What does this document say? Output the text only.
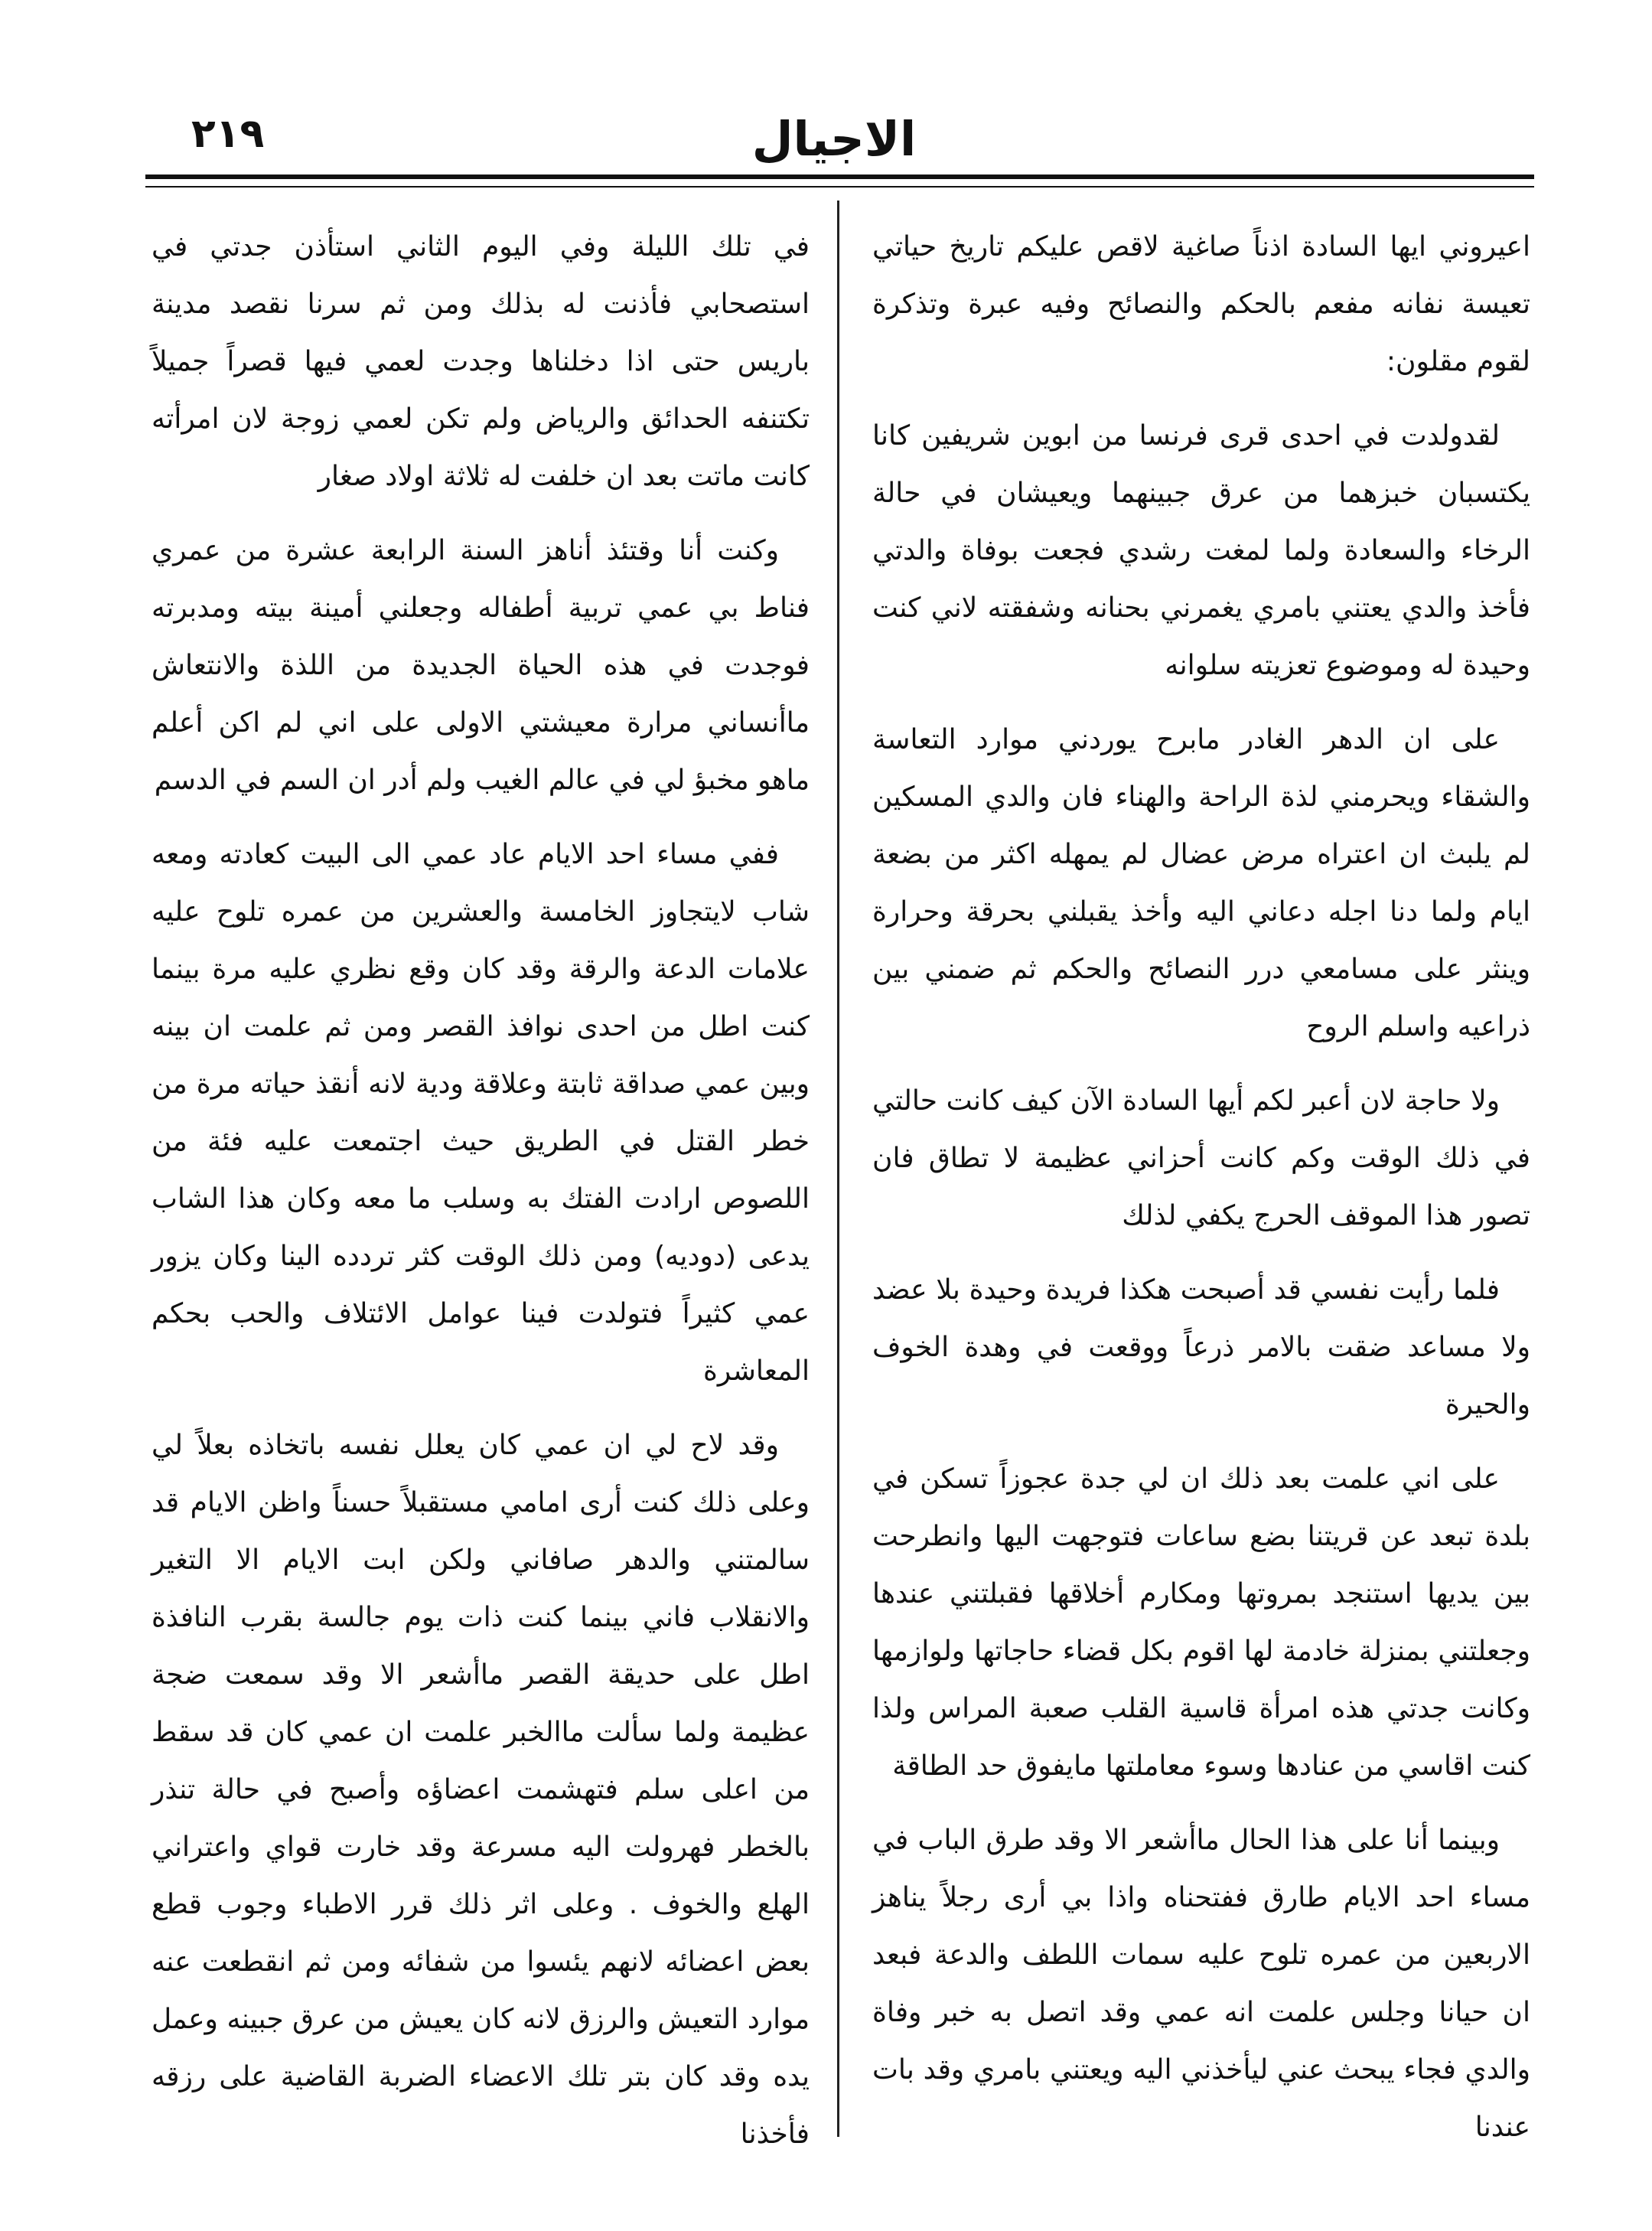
٢١٩	الاجيال

اعيروني ايها السادة اذناً صاغية لاقص عليكم تاريخ حياتي تعيسة نفانه مفعم بالحكم والنصائح وفيه عبرة وتذكرة لقوم مقلون:

لقدولدت في احدى قرى فرنسا من ابوين شريفين كانا يكتسبان خبزهما من عرق جبينهما ويعيشان في حالة الرخاء والسعادة ولما لمغت رشدي فجعت بوفاة والدتي فأخذ والدي يعتني بامري يغمرني بحنانه وشفقته لاني كنت وحيدة له وموضوع تعزيته سلوانه

على ان الدهر الغادر مابرح يوردني موارد التعاسة والشقاء ويحرمني لذة الراحة والهناء فان والدي المسكين لم يلبث ان اعتراه مرض عضال لم يمهله اكثر من بضعة ايام ولما دنا اجله دعاني اليه وأخذ يقبلني بحرقة وحرارة وينثر على مسامعي درر النصائح والحكم ثم ضمني بين ذراعيه واسلم الروح

ولا حاجة لان أعبر لكم أيها السادة الآن كيف كانت حالتي في ذلك الوقت وكم كانت أحزاني عظيمة لا تطاق فان تصور هذا الموقف الحرج يكفي لذلك

فلما رأيت نفسي قد أصبحت هكذا فريدة وحيدة بلا عضد ولا مساعد ضقت بالامر ذرعاً ووقعت في وهدة الخوف والحيرة

على اني علمت بعد ذلك ان لي جدة عجوزاً تسكن في بلدة تبعد عن قريتنا بضع ساعات فتوجهت اليها وانطرحت بين يديها استنجد بمروتها ومكارم أخلاقها فقبلتني عندها وجعلتني بمنزلة خادمة لها اقوم بكل قضاء حاجاتها ولوازمها وكانت جدتي هذه امرأة قاسية القلب صعبة المراس ولذا كنت اقاسي من عنادها وسوء معاملتها مايفوق حد الطاقة

وبينما أنا على هذا الحال ماأشعر الا وقد طرق الباب في مساء احد الايام طارق ففتحناه واذا بي أرى رجلاً يناهز الاربعين من عمره تلوح عليه سمات اللطف والدعة فبعد ان حيانا وجلس علمت انه عمي وقد اتصل به خبر وفاة والدي فجاء يبحث عني ليأخذني اليه ويعتني بامري وقد بات عندنا

في تلك الليلة وفي اليوم الثاني استأذن جدتي في استصحابي فأذنت له بذلك ومن ثم سرنا نقصد مدينة باريس حتى اذا دخلناها وجدت لعمي فيها قصراً جميلاً تكتنفه الحدائق والرياض ولم تكن لعمي زوجة لان امرأته كانت ماتت بعد ان خلفت له ثلاثة اولاد صغار

وكنت أنا وقتئذ أناهز السنة الرابعة عشرة من عمري فناط بي عمي تربية أطفاله وجعلني أمينة بيته ومدبرته فوجدت في هذه الحياة الجديدة من اللذة والانتعاش ماأنساني مرارة معيشتي الاولى على اني لم اكن أعلم ماهو مخبؤ لي في عالم الغيب ولم أدر ان السم في الدسم

ففي مساء احد الايام عاد عمي الى البيت كعادته ومعه شاب لايتجاوز الخامسة والعشرين من عمره تلوح عليه علامات الدعة والرقة وقد كان وقع نظري عليه مرة بينما كنت اطل من احدى نوافذ القصر ومن ثم علمت ان بينه وبين عمي صداقة ثابتة وعلاقة ودية لانه أنقذ حياته مرة من خطر القتل في الطريق حيث اجتمعت عليه فئة من اللصوص ارادت الفتك به وسلب ما معه وكان هذا الشاب يدعى (دوديه) ومن ذلك الوقت كثر تردده الينا وكان يزور عمي كثيراً فتولدت فينا عوامل الائتلاف والحب بحكم المعاشرة

وقد لاح لي ان عمي كان يعلل نفسه باتخاذه بعلاً لي وعلى ذلك كنت أرى امامي مستقبلاً حسناً واظن الايام قد سالمتني والدهر صافاني ولكن ابت الايام الا التغير والانقلاب فاني بينما كنت ذات يوم جالسة بقرب النافذة اطل على حديقة القصر ماأشعر الا وقد سمعت ضجة عظيمة ولما سألت ماالخبر علمت ان عمي كان قد سقط من اعلى سلم فتهشمت اعضاؤه وأصبح في حالة تنذر بالخطر فهرولت اليه مسرعة وقد خارت قواي واعتراني الهلع والخوف . وعلى اثر ذلك قرر الاطباء وجوب قطع بعض اعضائه لانهم يئسوا من شفائه ومن ثم انقطعت عنه موارد التعيش والرزق لانه كان يعيش من عرق جبينه وعمل يده وقد كان بتر تلك الاعضاء الضربة القاضية على رزقه فأخذنا
